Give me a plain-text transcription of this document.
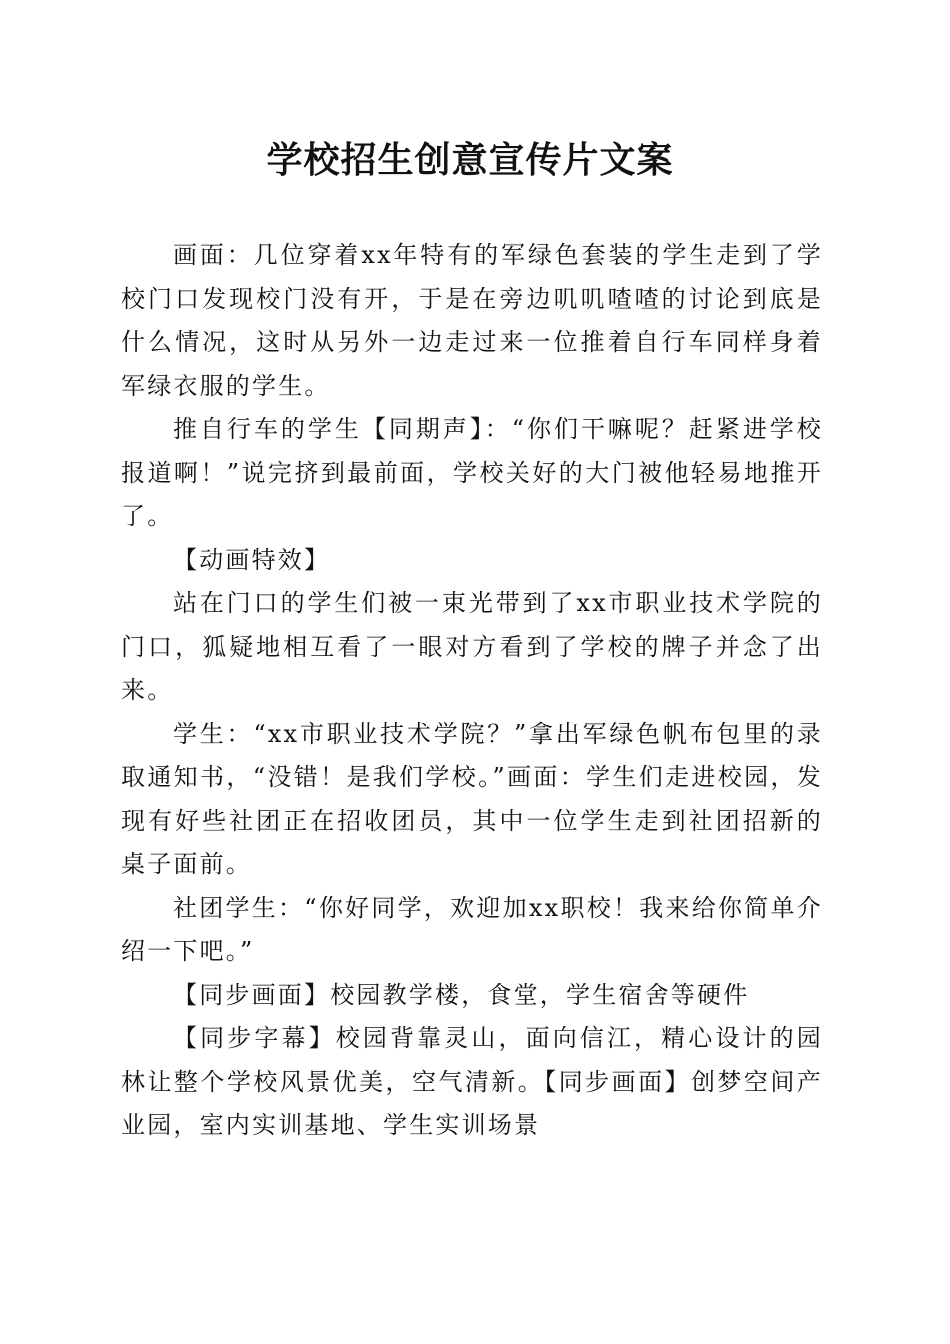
学校招生创意宣传片文案

画面：几位穿着xx年特有的军绿色套装的学生走到了学校门口发现校门没有开，于是在旁边叽叽喳喳的讨论到底是什么情况，这时从另外一边走过来一位推着自行车同样身着军绿衣服的学生。

推自行车的学生【同期声】：“你们干嘛呢？赶紧进学校报道啊！”说完挤到最前面，学校关好的大门被他轻易地推开了。

【动画特效】

站在门口的学生们被一束光带到了xx市职业技术学院的门口，狐疑地相互看了一眼对方看到了学校的牌子并念了出来。

学生：“xx市职业技术学院？”拿出军绿色帆布包里的录取通知书，“没错！是我们学校。”画面：学生们走进校园，发现有好些社团正在招收团员，其中一位学生走到社团招新的桌子面前。

社团学生：“你好同学，欢迎加xx职校！我来给你简单介绍一下吧。”

【同步画面】校园教学楼，食堂，学生宿舍等硬件

【同步字幕】校园背靠灵山，面向信江，精心设计的园林让整个学校风景优美，空气清新。【同步画面】创梦空间产业园，室内实训基地、学生实训场景
